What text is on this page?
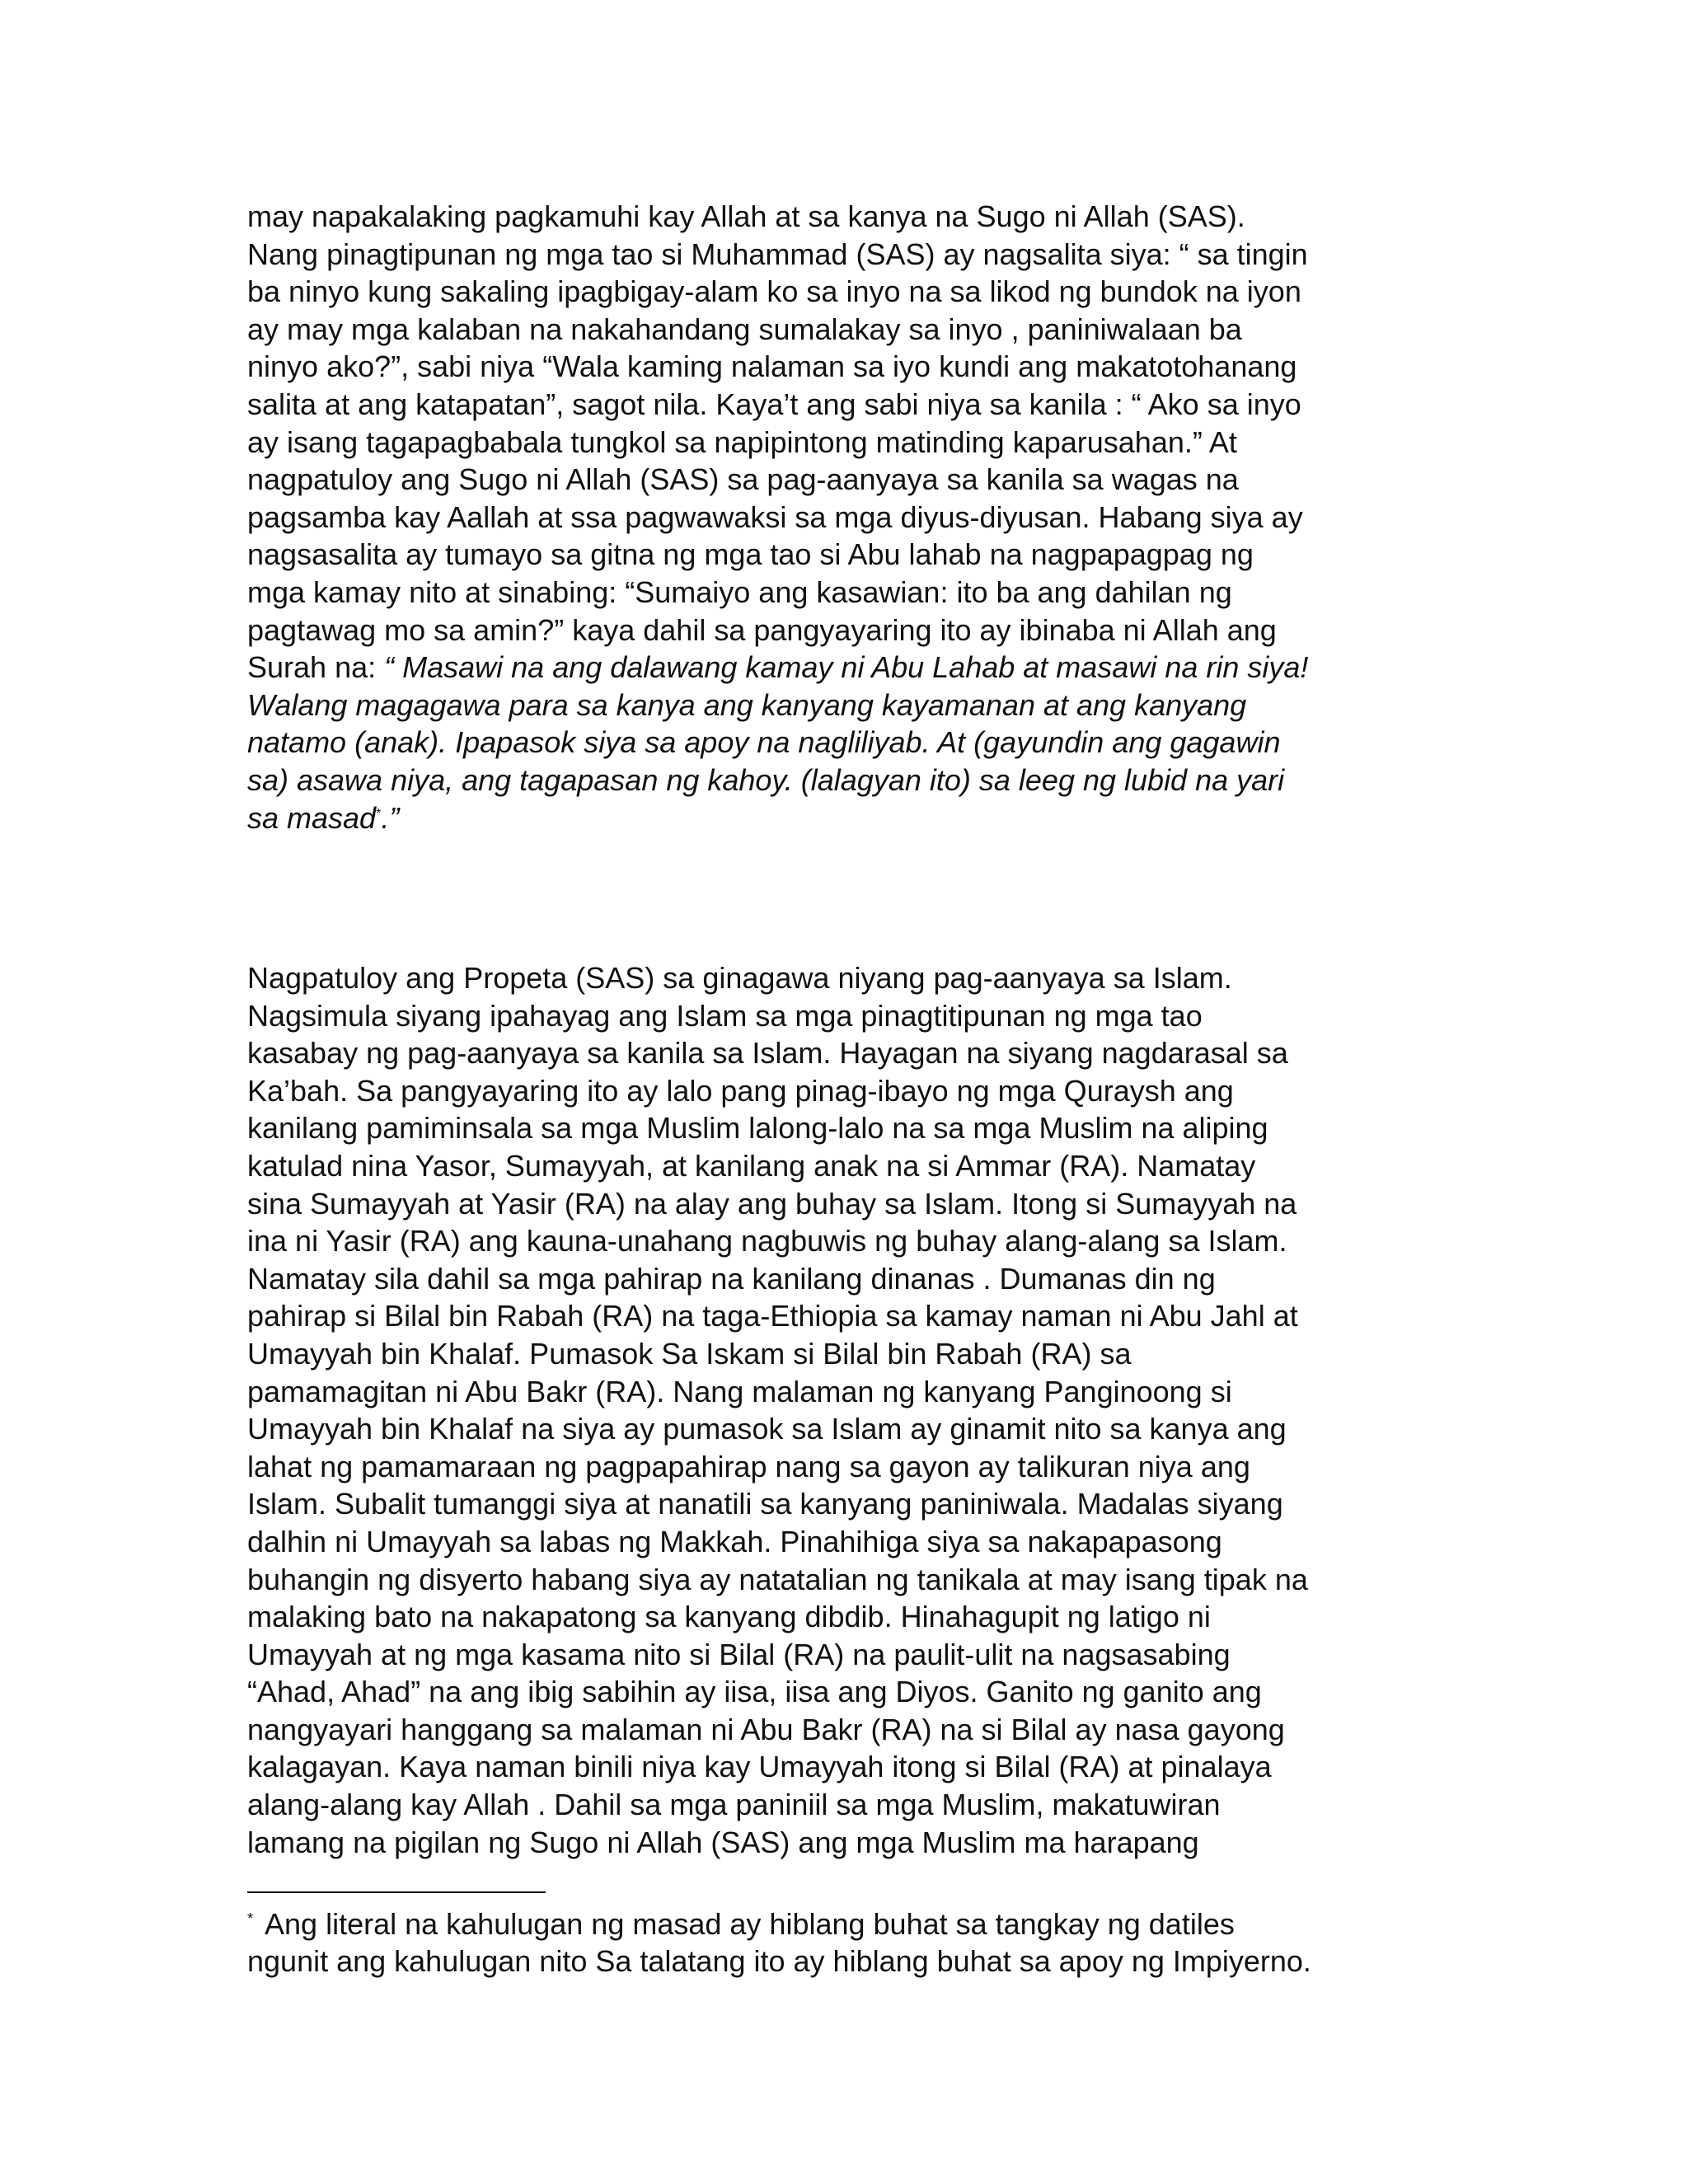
may napakalaking pagkamuhi kay Allah at sa kanya na Sugo ni Allah (SAS).
Nang pinagtipunan ng mga tao si Muhammad (SAS) ay nagsalita siya: “ sa tingin
ba ninyo kung sakaling ipagbigay-alam ko sa inyo na sa likod ng bundok na iyon
ay may mga kalaban na nakahandang sumalakay sa inyo , paniniwalaan ba
ninyo ako?”, sabi niya “Wala kaming nalaman sa iyo kundi ang makatotohanang
salita at ang katapatan”, sagot nila. Kaya’t ang sabi niya sa kanila : “ Ako sa inyo
ay isang tagapagbabala tungkol sa napipintong matinding kaparusahan.” At
nagpatuloy ang Sugo ni Allah (SAS) sa pag-aanyaya sa kanila sa wagas na
pagsamba kay Aallah at ssa pagwawaksi sa mga diyus-diyusan. Habang siya ay
nagsasalita ay tumayo sa gitna ng mga tao si Abu lahab na nagpapagpag ng
mga kamay nito at sinabing: “Sumaiyo ang kasawian: ito ba ang dahilan ng
pagtawag mo sa amin?” kaya dahil sa pangyayaring ito ay ibinaba ni Allah ang
Surah na: “ Masawi na ang dalawang kamay ni Abu Lahab at masawi na rin siya!
Walang magagawa para sa kanya ang kanyang kayamanan at ang kanyang
natamo (anak). Ipapasok siya sa apoy na nagliliyab. At (gayundin ang gagawin
sa) asawa niya, ang tagapasan ng kahoy. (lalagyan ito) sa leeg ng lubid na yari
sa masad*.”
Nagpatuloy ang Propeta (SAS) sa ginagawa niyang pag-aanyaya sa Islam.
Nagsimula siyang ipahayag ang Islam sa mga pinagtitipunan ng mga tao
kasabay ng pag-aanyaya sa kanila sa Islam. Hayagan na siyang nagdarasal sa
Ka’bah. Sa pangyayaring ito ay lalo pang pinag-ibayo ng mga Quraysh ang
kanilang pamiminsala sa mga Muslim lalong-lalo na sa mga Muslim na aliping
katulad nina Yasor, Sumayyah, at kanilang anak na si Ammar (RA). Namatay
sina Sumayyah at Yasir (RA) na alay ang buhay sa Islam. Itong si Sumayyah na
ina ni Yasir (RA) ang kauna-unahang nagbuwis ng buhay alang-alang sa Islam.
Namatay sila dahil sa mga pahirap na kanilang dinanas . Dumanas din ng
pahirap si Bilal bin Rabah (RA) na taga-Ethiopia sa kamay naman ni Abu Jahl at
Umayyah bin Khalaf. Pumasok Sa Iskam si Bilal bin Rabah (RA) sa
pamamagitan ni Abu Bakr (RA). Nang malaman ng kanyang Panginoong si
Umayyah bin Khalaf na siya ay pumasok sa Islam ay ginamit nito sa kanya ang
lahat ng pamamaraan ng pagpapahirap nang sa gayon ay talikuran niya ang
Islam. Subalit tumanggi siya at nanatili sa kanyang paniniwala. Madalas siyang
dalhin ni Umayyah sa labas ng Makkah. Pinahihiga siya sa nakapapasong
buhangin ng disyerto habang siya ay natatalian ng tanikala at may isang tipak na
malaking bato na nakapatong sa kanyang dibdib. Hinahagupit ng latigo ni
Umayyah at ng mga kasama nito si Bilal (RA) na paulit-ulit na nagsasabing
“Ahad, Ahad” na ang ibig sabihin ay iisa, iisa ang Diyos. Ganito ng ganito ang
nangyayari hanggang sa malaman ni Abu Bakr (RA) na si Bilal ay nasa gayong
kalagayan. Kaya naman binili niya kay Umayyah itong si Bilal (RA) at pinalaya
alang-alang kay Allah . Dahil sa mga paniniil sa mga Muslim, makatuwiran
lamang na pigilan ng Sugo ni Allah (SAS) ang mga Muslim ma harapang
* Ang literal na kahulugan ng masad ay hiblang buhat sa tangkay ng datiles
ngunit ang kahulugan nito Sa talatang ito ay hiblang buhat sa apoy ng Impiyerno.
